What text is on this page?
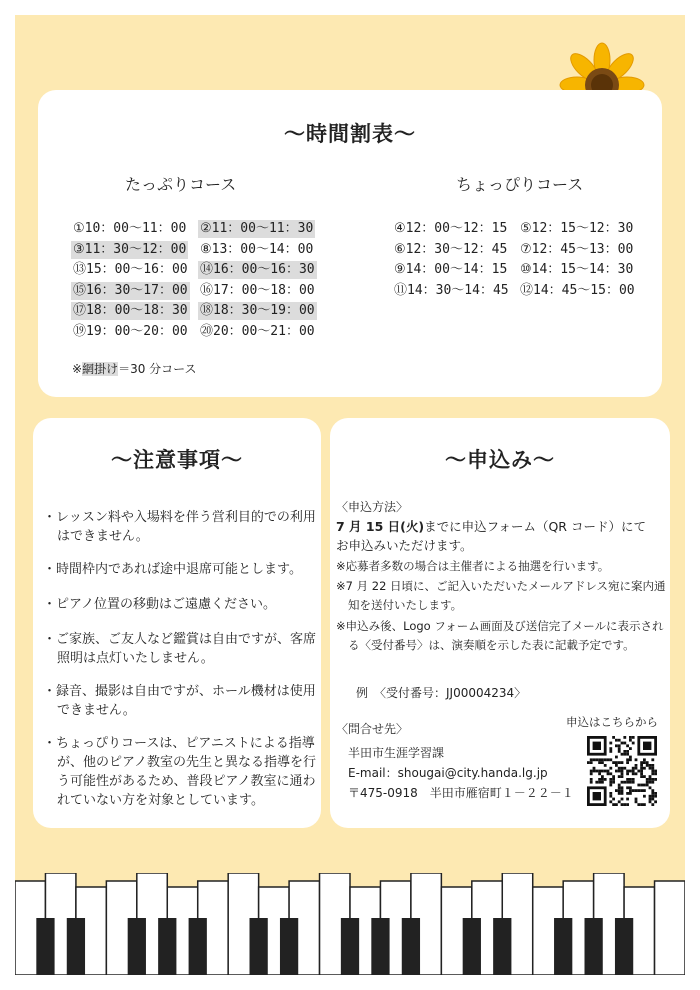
～時間割表～
たっぷりコース	ちょっぴりコース
①10：00～11：00 ②11：00～11：30
③11：30～12：00 ⑧13：00～14：00
⑬15：00～16：00 ⑭16：00～16：30
⑮16：30～17：00 ⑯17：00～18：00
⑰18：00～18：30 ⑱18：30～19：00
⑲19：00～20：00 ⑳20：00～21：00
④12：00～12：15 ⑤12：15～12：30
⑥12：30～12：45 ⑦12：45～13：00
⑨14：00～14：15 ⑩14：15～14：30
⑪14：30～14：45 ⑫14：45～15：00
※網掛け＝30 分コース
～注意事項～
・レッスン料や入場料を伴う営利目的での利用はできません。
・時間枠内であれば途中退席可能とします。
・ピアノ位置の移動はご遠慮ください。
・ご家族、ご友人など鑑賞は自由ですが、客席照明は点灯いたしません。
・録音、撮影は自由ですが、ホール機材は使用できません。
・ちょっぴりコースは、ピアニストによる指導が、他のピアノ教室の先生と異なる指導を行う可能性があるため、普段ピアノ教室に通われていない方を対象としています。
～申込み～
〈申込方法〉
7 月 15 日(火)までに申込フォーム（QR コード）にて
お申込みいただけます。
※応募者多数の場合は主催者による抽選を行います。
※7 月 22 日頃に、ご記入いただいたメールアドレス宛に案内通知を送付いたします。
※申込み後、Logo フォーム画面及び送信完了メールに表示される〈受付番号〉は、演奏順を示した表に記載予定です。
例　〈受付番号：JJ00004234〉
〈問合せ先〉	申込はこちらから
半田市生涯学習課
E-mail：shougai@city.handa.lg.jp
〒475-0918　半田市雁宿町１－２２－１
